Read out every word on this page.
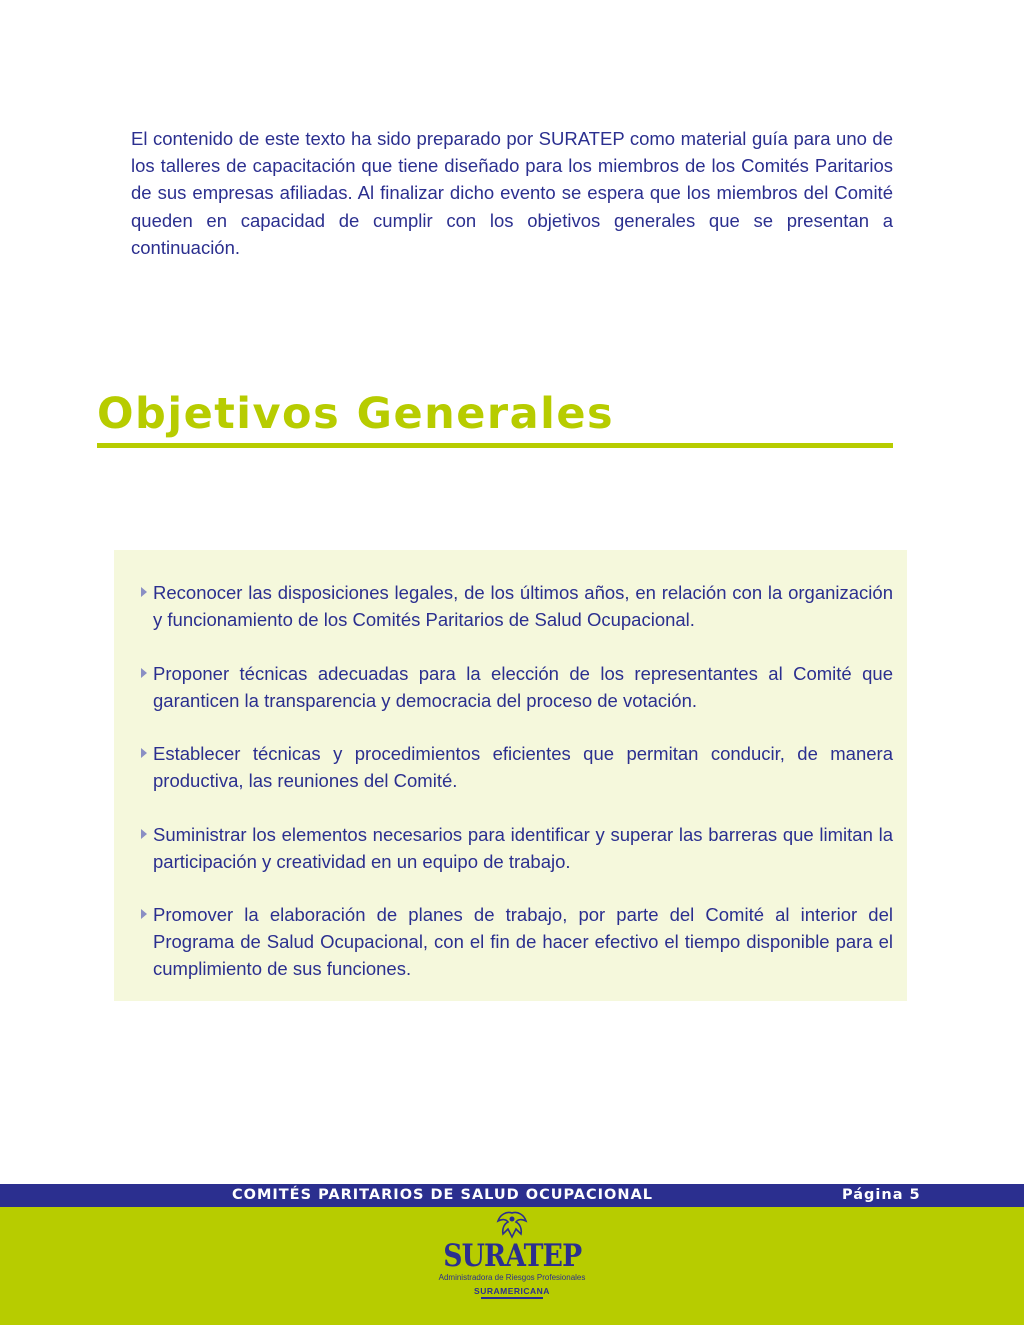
El contenido de este texto ha sido preparado por SURATEP como material guía para uno de los talleres de capacitación que tiene diseñado para los miembros de los Comités Paritarios de sus empresas afiliadas. Al finalizar dicho evento se espera que los miembros del Comité queden en capacidad de cumplir con los objetivos generales que se presentan a continuación.

Objetivos Generales
Reconocer las disposiciones legales, de los últimos años, en relación con la organización y funcionamiento de los Comités Paritarios de Salud Ocupacional.
Proponer técnicas adecuadas para la elección de los representantes al Comité que garanticen la transparencia y democracia del proceso de votación.
Establecer técnicas y procedimientos eficientes que permitan conducir, de manera productiva, las reuniones del Comité.
Suministrar los elementos necesarios para identificar y superar las barreras que limitan la participación y creatividad en un equipo de trabajo.
Promover la elaboración de planes de trabajo, por parte del Comité al interior del Programa de Salud Ocupacional, con el fin de hacer efectivo el tiempo disponible para el cumplimiento de sus funciones.
COMITÉS PARITARIOS DE SALUD OCUPACIONAL	Página 5
SURATEP
Administradora de Riesgos Profesionales
SURAMERICANA
